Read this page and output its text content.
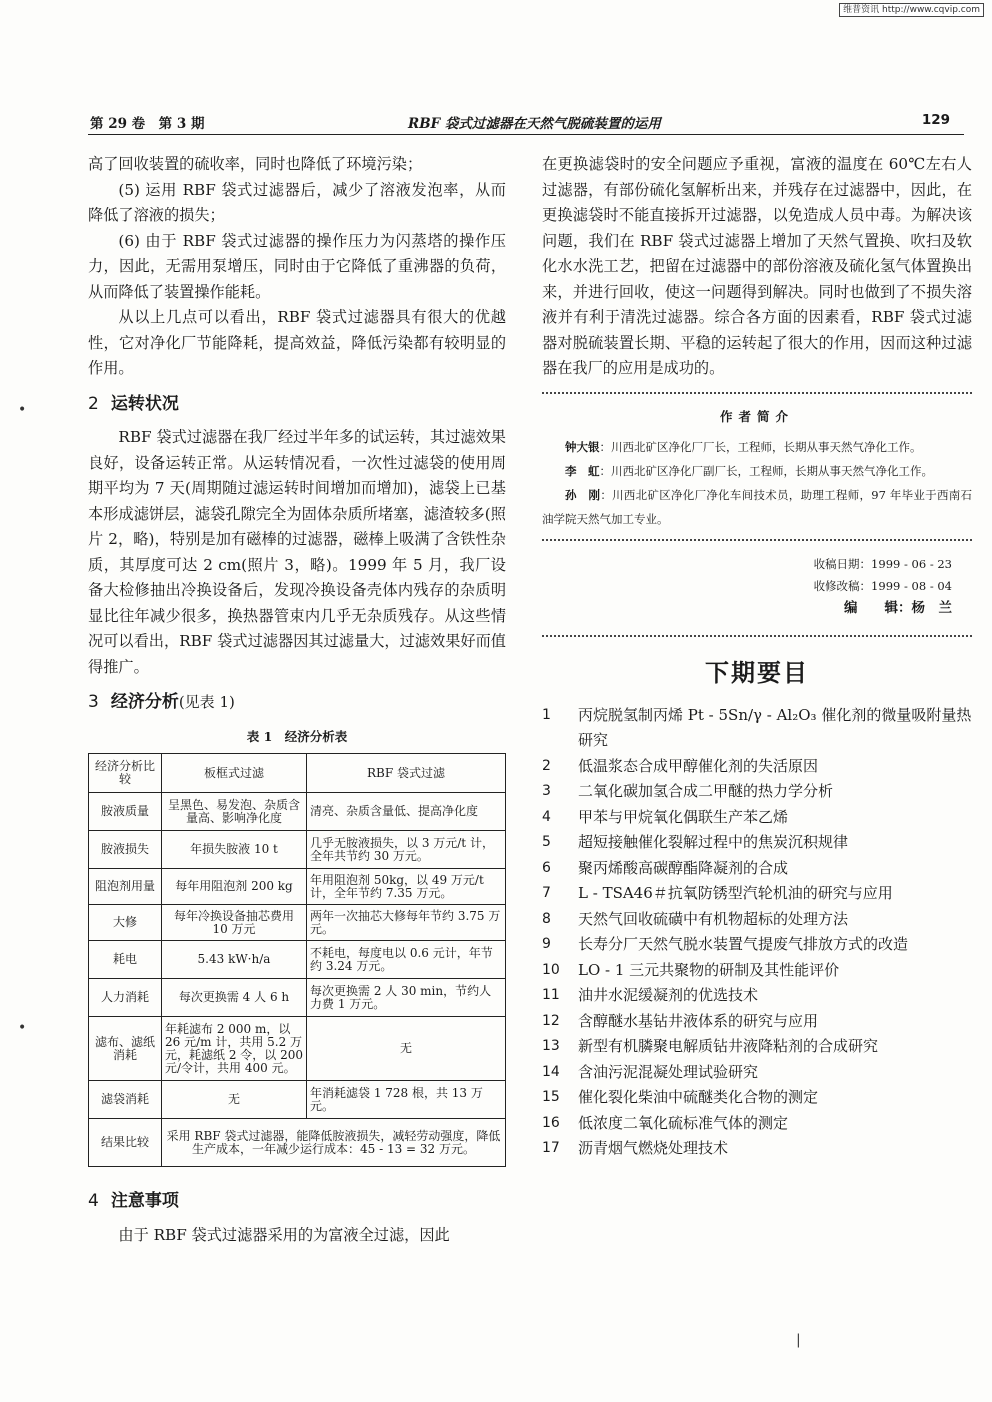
维普资讯 http://www.cqvip.com
第 29 卷　第 3 期	RBF 袋式过滤器在天然气脱硫装置的运用	129

高了回收装置的硫收率，同时也降低了环境污染；

(5) 运用 RBF 袋式过滤器后，减少了溶液发泡率，从而降低了溶液的损失；

(6) 由于 RBF 袋式过滤器的操作压力为闪蒸塔的操作压力，因此，无需用泵增压，同时由于它降低了重沸器的负荷，从而降低了装置操作能耗。

从以上几点可以看出，RBF 袋式过滤器具有很大的优越性，它对净化厂节能降耗，提高效益，降低污染都有较明显的作用。

2 运转状况

RBF 袋式过滤器在我厂经过半年多的试运转，其过滤效果良好，设备运转正常。从运转情况看，一次性过滤袋的使用周期平均为 7 天(周期随过滤运转时间增加而增加)，滤袋上已基本形成滤饼层，滤袋孔隙完全为固体杂质所堵塞，滤渣较多(照片 2，略)，特别是加有磁棒的过滤器，磁棒上吸满了含铁性杂质，其厚度可达 2 cm(照片 3，略)。1999 年 5 月，我厂设备大检修抽出冷换设备后，发现冷换设备壳体内残存的杂质明显比往年减少很多，换热器管束内几乎无杂质残存。从这些情况可以看出，RBF 袋式过滤器因其过滤量大，过滤效果好而值得推广。

3 经济分析(见表 1)
表 1　经济分析表
经济分析比较	板框式过滤	RBF 袋式过滤
胺液质量	呈黑色、易发泡、杂质含量高、影响净化度	清亮、杂质含量低、提高净化度
胺液损失	年损失胺液 10 t	几乎无胺液损失，以 3 万元/t 计，全年共节约 30 万元。
阻泡剂用量	每年用阻泡剂 200 kg	年用阻泡剂 50kg，以 49 万元/t 计，全年节约 7.35 万元。
大修	每年冷换设备抽芯费用 10 万元	两年一次抽芯大修每年节约 3.75 万元。
耗电	5.43 kW·h/a	不耗电，每度电以 0.6 元计，年节约 3.24 万元。
人力消耗	每次更换需 4 人 6 h	每次更换需 2 人 30 min，节约人力费 1 万元。
滤布、滤纸消耗	年耗滤布 2 000 m，以 26 元/m 计，共用 5.2 万元，耗滤纸 2 令，以 200 元/令计，共用 400 元。	无
滤袋消耗	无	年消耗滤袋 1 728 根，共 13 万元。
结果比较	采用 RBF 袋式过滤器，能降低胺液损失，减轻劳动强度，降低生产成本，一年减少运行成本：45 - 13 = 32 万元。	
4 注意事项

由于 RBF 袋式过滤器采用的为富液全过滤，因此

在更换滤袋时的安全问题应予重视，富液的温度在 60℃左右人过滤器，有部份硫化氢解析出来，并残存在过滤器中，因此，在更换滤袋时不能直接拆开过滤器，以免造成人员中毒。为解决该问题，我们在 RBF 袋式过滤器上增加了天然气置换、吹扫及软化水水洗工艺，把留在过滤器中的部份溶液及硫化氢气体置换出来，并进行回收，使这一问题得到解决。同时也做到了不损失溶液并有利于清洗过滤器。综合各方面的因素看，RBF 袋式过滤器对脱硫装置长期、平稳的运转起了很大的作用，因而这种过滤器在我厂的应用是成功的。

作者简介
钟大银：川西北矿区净化厂厂长，工程师，长期从事天然气净化工作。
李　虹：川西北矿区净化厂副厂长，工程师，长期从事天然气净化工作。
孙　刚：川西北矿区净化厂净化车间技术员，助理工程师，97 年毕业于西南石油学院天然气加工专业。
收稿日期：1999 - 06 - 23
收修改稿：1999 - 08 - 04
编　　辑：杨　兰
下期要目
1	丙烷脱氢制丙烯 Pt - 5Sn/γ - Al₂O₃ 催化剂的微量吸附量热研究
2	低温浆态合成甲醇催化剂的失活原因
3	二氧化碳加氢合成二甲醚的热力学分析
4	甲苯与甲烷氧化偶联生产苯乙烯
5	超短接触催化裂解过程中的焦炭沉积规律
6	聚丙烯酸高碳醇酯降凝剂的合成
7	L - TSA46＃抗氧防锈型汽轮机油的研究与应用
8	天然气回收硫磺中有机物超标的处理方法
9	长寿分厂天然气脱水装置气提废气排放方式的改造
10	LO - 1 三元共聚物的研制及其性能评价
11	油井水泥缓凝剂的优选技术
12	含醇醚水基钻井液体系的研究与应用
13	新型有机膦聚电解质钻井液降粘剂的合成研究
14	含油污泥混凝处理试验研究
15	催化裂化柴油中硫醚类化合物的测定
16	低浓度二氧化硫标准气体的测定
17	沥青烟气燃烧处理技术
•
•
|
